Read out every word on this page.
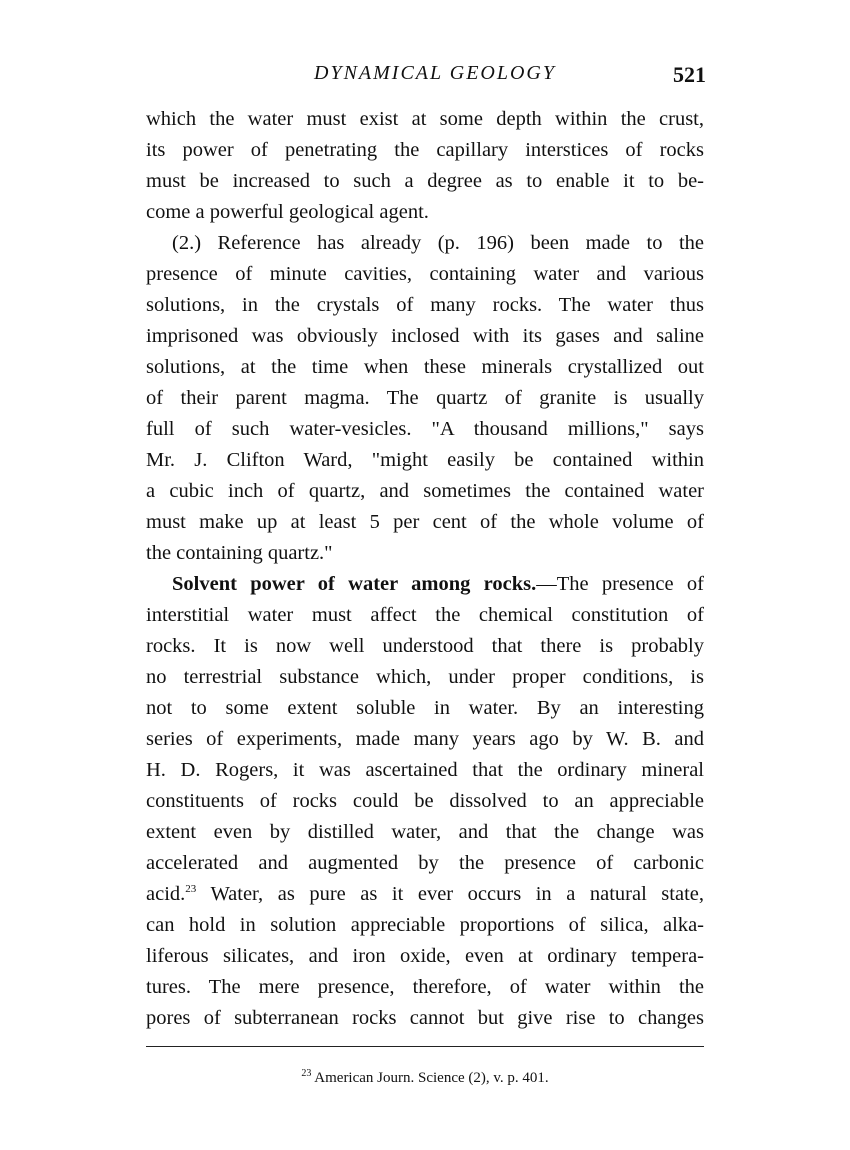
DYNAMICAL GEOLOGY	521
which the water must exist at some depth within the crust,
its power of penetrating the capillary interstices of rocks
must be increased to such a degree as to enable it to be-
come a powerful geological agent.
(2.) Reference has already (p. 196) been made to the
presence of minute cavities, containing water and various
solutions, in the crystals of many rocks. The water thus
imprisoned was obviously inclosed with its gases and saline
solutions, at the time when these minerals crystallized out
of their parent magma. The quartz of granite is usually
full of such water-vesicles. "A thousand millions," says
Mr. J. Clifton Ward, "might easily be contained within
a cubic inch of quartz, and sometimes the contained water
must make up at least 5 per cent of the whole volume of
the containing quartz."
Solvent power of water among rocks.—The presence of
interstitial water must affect the chemical constitution of
rocks. It is now well understood that there is probably
no terrestrial substance which, under proper conditions, is
not to some extent soluble in water. By an interesting
series of experiments, made many years ago by W. B. and
H. D. Rogers, it was ascertained that the ordinary mineral
constituents of rocks could be dissolved to an appreciable
extent even by distilled water, and that the change was
accelerated and augmented by the presence of carbonic
acid.$^{23}$ Water, as pure as it ever occurs in a natural state,
can hold in solution appreciable proportions of silica, alka-
liferous silicates, and iron oxide, even at ordinary tempera-
tures. The mere presence, therefore, of water within the
pores of subterranean rocks cannot but give rise to changes
$^{23}$ American Journ. Science (2), v. p. 401.
